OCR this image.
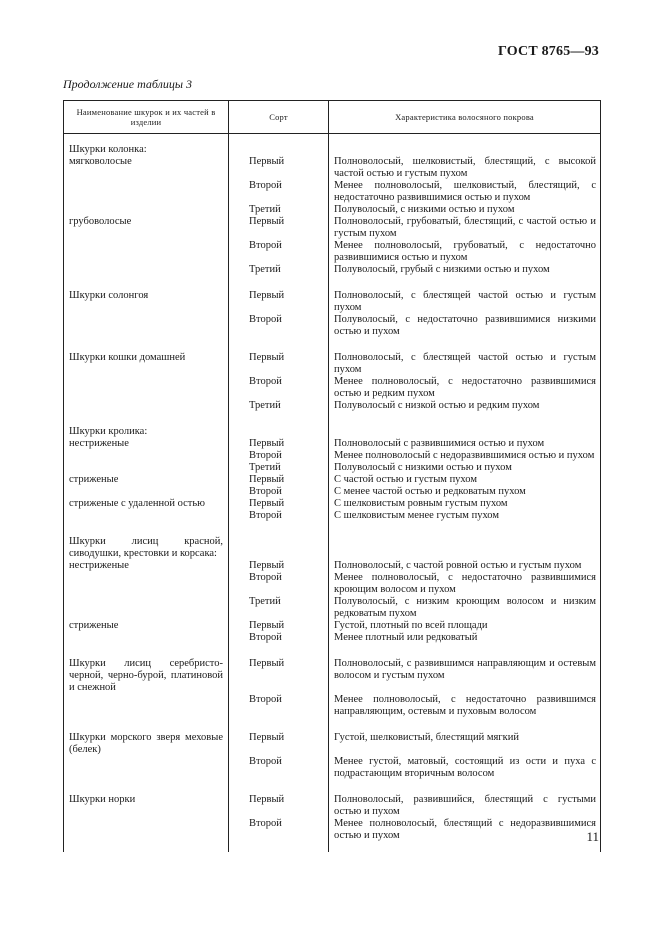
ГОСТ 8765—93
Продолжение таблицы 3
Наименование шкурок и их частей в изделии	Сорт	Характеристика волосяного покрова
Шкурки колонка:		
мягковолосые	Первый	Полноволосый, шелковистый, блестящий, с высокой частой остью и густым пухом
	Второй	Менее полноволосый, шелковистый, блестящий, с недостаточно развившимися остью и пухом
	Третий	Полуволосый, с низкими остью и пухом
грубоволосые	Первый	Полноволосый, грубоватый, блестящий, с частой остью и густым пухом
	Второй	Менее полноволосый, грубоватый, с недостаточно развившимися остью и пухом
	Третий	Полуволосый, грубый с низкими остью и пухом

Шкурки солонгоя	Первый	Полноволосый, с блестящей частой остью и густым пухом
	Второй	Полуволосый, с недостаточно развившимися низкими остью и пухом

Шкурки кошки домашней	Первый	Полноволосый, с блестящей частой остью и густым пухом
	Второй	Менее полноволосый, с недостаточно развившимися остью и редким пухом
	Третий	Полуволосый с низкой остью и редким пухом

Шкурки кролика:		
нестриженые	Первый	Полноволосый с развившимися остью и пухом
	Второй	Менее полноволосый с недоразвившимися остью и пухом
	Третий	Полуволосый с низкими остью и пухом
стриженые	Первый	С частой остью и густым пухом
	Второй	С менее частой остью и редковатым пухом
стриженые с удаленной остью	Первый	С шелковистым ровным густым пухом
	Второй	С шелковистым менее густым пухом

Шкурки лисиц красной, сиводушки, крестовки и корсака:		
нестриженые	Первый	Полноволосый, с частой ровной остью и густым пухом
	Второй	Менее полноволосый, с недостаточно развившимися кроющим волосом и пухом
	Третий	Полуволосый, с низким кроющим волосом и низким редковатым пухом
стриженые	Первый	Густой, плотный по всей площади
	Второй	Менее плотный или редковатый

Шкурки лисиц серебристо-черной, черно-бурой, платиновой и снежной	Первый	Полноволосый, с развившимся направляющим и остевым волосом и густым пухом
	Второй	Менее полноволосый, с недостаточно развившимся направляющим, остевым и пуховым волосом

Шкурки морского зверя меховые (белек)	Первый	Густой, шелковистый, блестящий мягкий
	Второй	Менее густой, матовый, состоящий из ости и пуха с подрастающим вторичным волосом

Шкурки норки	Первый	Полноволосый, развившийся, блестящий с густыми остью и пухом
	Второй	Менее полноволосый, блестящий с недоразвившимися остью и пухом
			11
